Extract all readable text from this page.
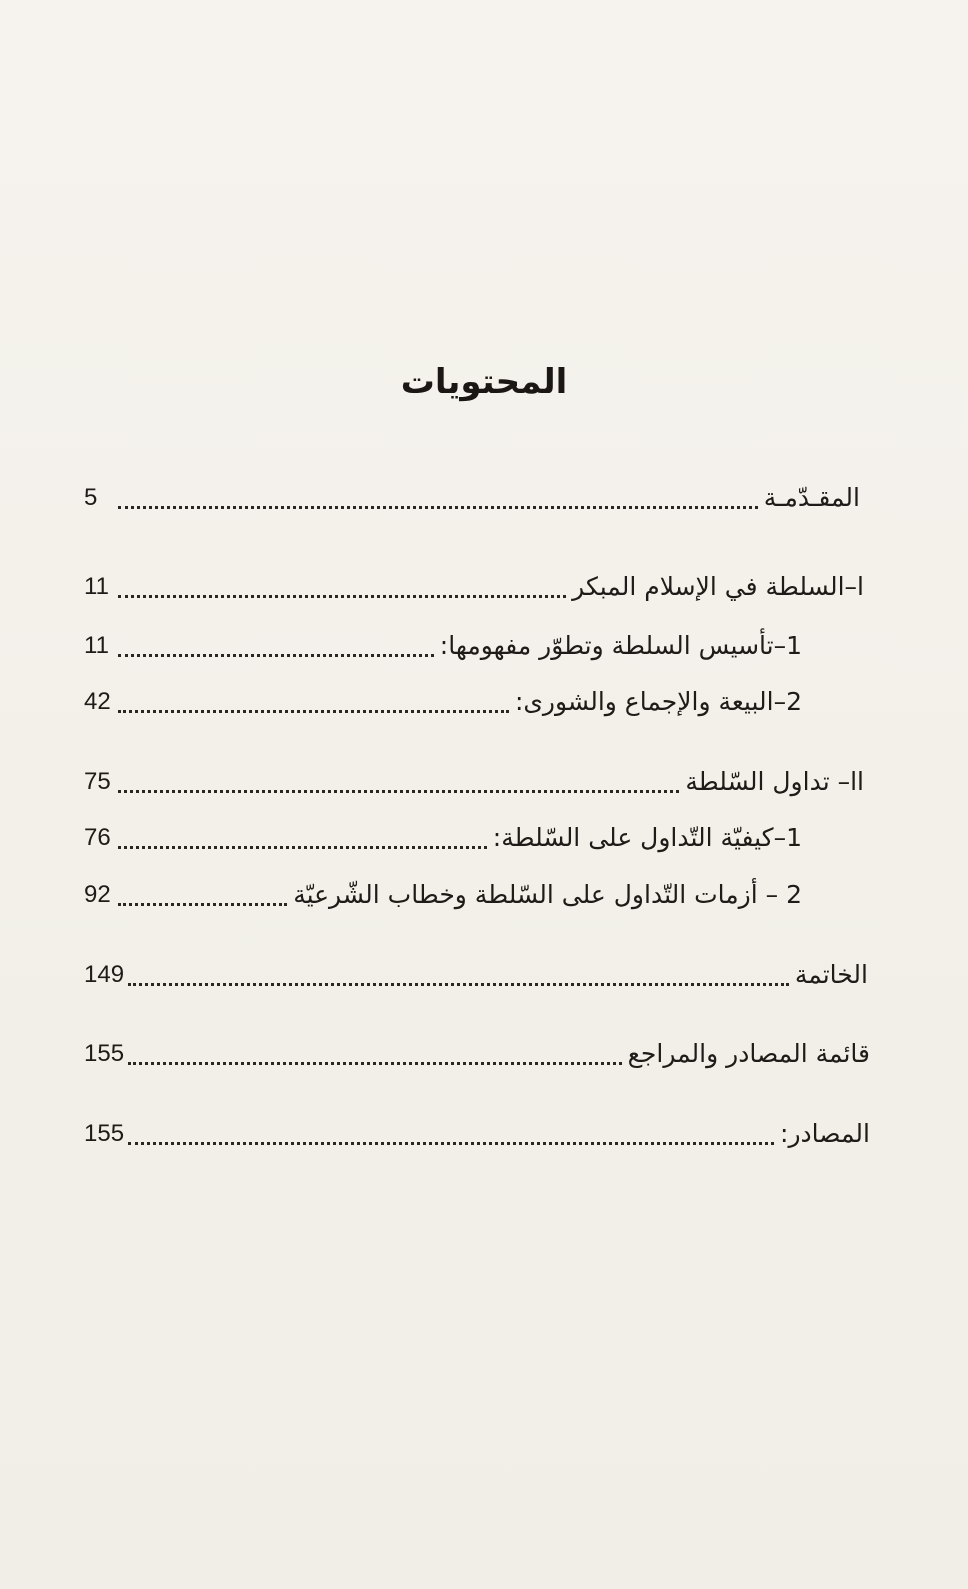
المحتويات
المقـدّمـة
5
ا–السلطة في الإسلام المبكر
11
1–تأسيس السلطة وتطوّر مفهومها:
11
2–البيعة والإجماع والشورى:
42
اا– تداول السّلطة
75
1–كيفيّة التّداول على السّلطة:
76
2 – أزمات التّداول على السّلطة وخطاب الشّرعيّة
92
الخاتمة
149
قائمة المصادر والمراجع
155
المصادر:
155
